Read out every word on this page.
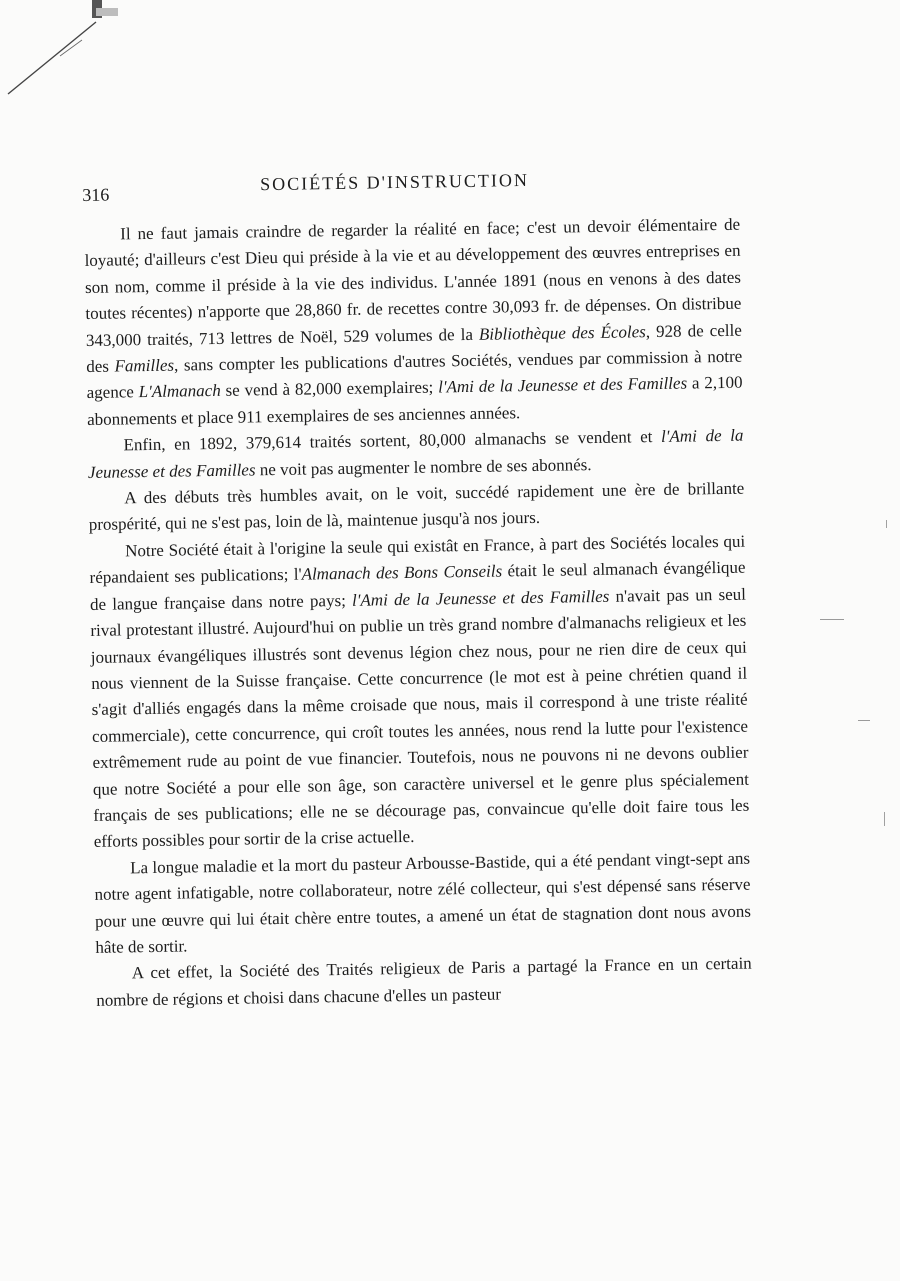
316
SOCIÉTÉS D'INSTRUCTION

Il ne faut jamais craindre de regarder la réalité en face; c'est un devoir élémentaire de loyauté; d'ailleurs c'est Dieu qui préside à la vie et au développement des œuvres entreprises en son nom, comme il préside à la vie des individus. L'année 1891 (nous en venons à des dates toutes récentes) n'apporte que 28,860 fr. de recettes contre 30,093 fr. de dépenses. On distribue 343,000 traités, 713 lettres de Noël, 529 volumes de la Bibliothèque des Écoles, 928 de celle des Familles, sans compter les publications d'autres Sociétés, vendues par commission à notre agence L'Almanach se vend à 82,000 exemplaires; l'Ami de la Jeunesse et des Familles a 2,100 abonnements et place 911 exemplaires de ses anciennes années.

Enfin, en 1892, 379,614 traités sortent, 80,000 almanachs se vendent et l'Ami de la Jeunesse et des Familles ne voit pas augmenter le nombre de ses abonnés.

A des débuts très humbles avait, on le voit, succédé rapidement une ère de brillante prospérité, qui ne s'est pas, loin de là, maintenue jusqu'à nos jours.

Notre Société était à l'origine la seule qui existât en France, à part des Sociétés locales qui répandaient ses publications; l'Almanach des Bons Conseils était le seul almanach évangélique de langue française dans notre pays; l'Ami de la Jeunesse et des Familles n'avait pas un seul rival protestant illustré. Aujourd'hui on publie un très grand nombre d'almanachs religieux et les journaux évangéliques illustrés sont devenus légion chez nous, pour ne rien dire de ceux qui nous viennent de la Suisse française. Cette concurrence (le mot est à peine chrétien quand il s'agit d'alliés engagés dans la même croisade que nous, mais il correspond à une triste réalité commerciale), cette concurrence, qui croît toutes les années, nous rend la lutte pour l'existence extrêmement rude au point de vue financier. Toutefois, nous ne pouvons ni ne devons oublier que notre Société a pour elle son âge, son caractère universel et le genre plus spécialement français de ses publications; elle ne se décourage pas, convaincue qu'elle doit faire tous les efforts possibles pour sortir de la crise actuelle.

La longue maladie et la mort du pasteur Arbousse-Bastide, qui a été pendant vingt-sept ans notre agent infatigable, notre collaborateur, notre zélé collecteur, qui s'est dépensé sans réserve pour une œuvre qui lui était chère entre toutes, a amené un état de stagnation dont nous avons hâte de sortir.

A cet effet, la Société des Traités religieux de Paris a partagé la France en un certain nombre de régions et choisi dans chacune d'elles un pasteur
